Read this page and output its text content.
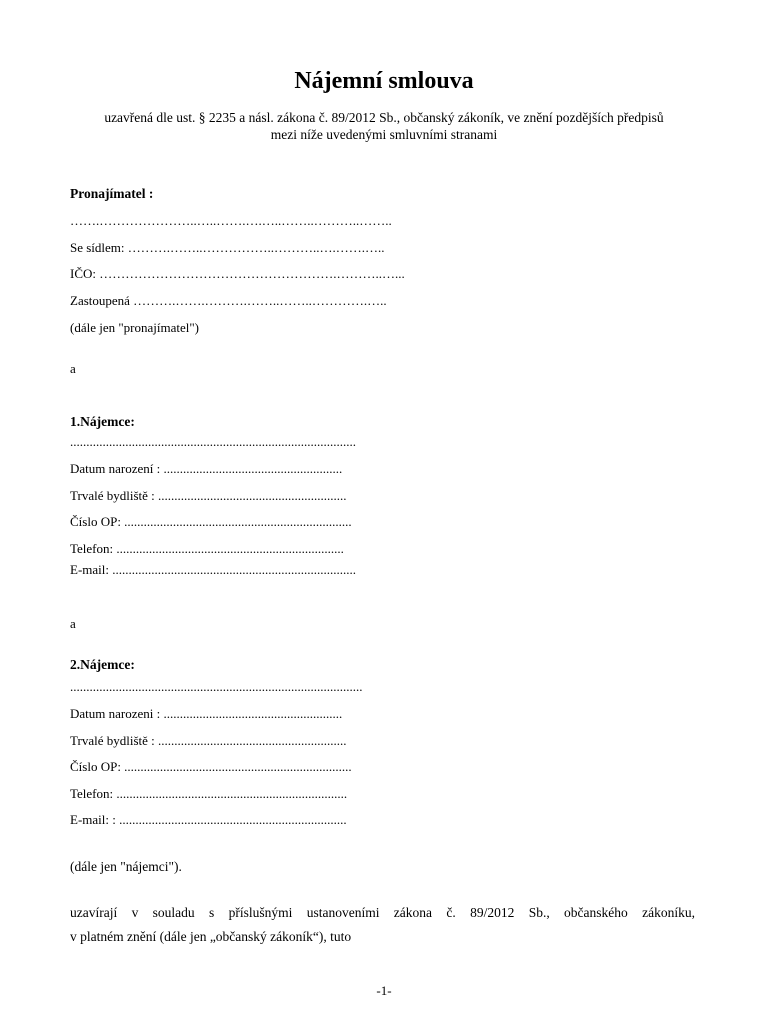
Nájemní smlouva
uzavřená dle ust. § 2235 a násl. zákona č. 89/2012 Sb., občanský zákoník, ve znění pozdějších předpisů
mezi níže uvedenými smluvními stranami
Pronajímatel :
…….…………………..…..…….….…..……..………..……..
Se sídlem: ……….……..……………..………..….…….…..
IČO: ……………………………………………….………..…...
Zastoupená ……….…….……….……..……..………….…..
(dále jen "pronajímatel")
a
1.Nájemce:
........................................................................................
Datum narození : .......................................................
Trvalé bydliště : ..........................................................
Číslo OP: ......................................................................
Telefon: ......................................................................
E-mail: ...........................................................................
a
2.Nájemce:
..........................................................................................
Datum narozeni : .......................................................
Trvalé bydliště : ..........................................................
Číslo OP: ......................................................................
Telefon: .......................................................................
E-mail: : ......................................................................
(dále jen "nájemci").
uzavírají v souladu s příslušnými ustanoveními zákona č. 89/2012 Sb., občanského zákoníku,
v platném znění (dále jen „občanský zákoník“), tuto
-1-
